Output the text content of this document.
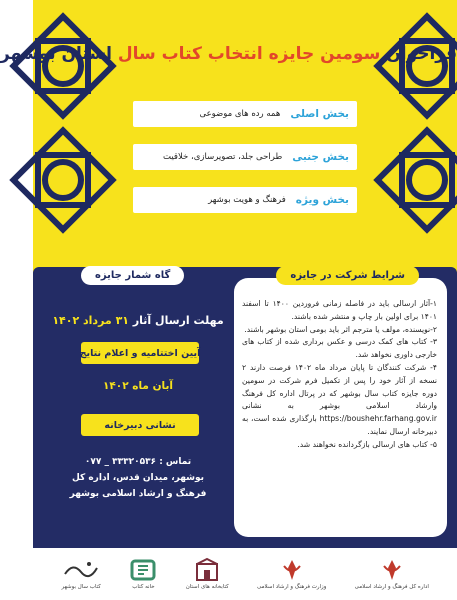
فراخوان سومین جایزه انتخاب کتاب سال استان بوشهر
بخش اصلی
همه رده های موضوعی
بخش جنبی
طراحی جلد، تصویرسازی، خلاقیت
بخش ویژه
فرهنگ و هویت بوشهر
شرایط شرکت در جایزه
۱-آثار ارسالی باید در فاصله زمانی فروردین ۱۴۰۰ تا اسفند ۱۴۰۱ برای اولین بار چاپ و منتشر شده باشند.
۲-نویسنده، مولف یا مترجم اثر باید بومی استان بوشهر باشند.
۳- کتاب های کمک درسی و عکس برداری شده از کتاب های خارجی داوری نخواهد شد.
۴- شرکت کنندگان تا پایان مرداد ماه ۱۴۰۲ فرصت دارند ۲ نسخه از آثار خود را پس از تکمیل فرم شرکت در سومین دوره جایزه کتاب سال بوشهر که در پرتال اداره کل فرهنگ وارشاد اسلامی بوشهر به نشانی https://boushehr.farhang.gov.ir بارگذاری شده است، به دبیرخانه ارسال نمایند.
۵- کتاب های ارسالی بازگردانده نخواهند شد.
گاه شمار جایزه
مهلت ارسال آثار ۳۱ مرداد ۱۴۰۲
آیین اختتامیه و اعلام نتایج
آبان ماه ۱۴۰۲
نشانی دبیرخانه
تماس : ۳۳۳۲۰۵۳۶ _ ۰۷۷
بوشهر، میدان قدس، اداره کل
فرهنگ و ارشاد اسلامی بوشهر
اداره کل فرهنگ و ارشاد اسلامی
وزارت فرهنگ و ارشاد اسلامی
کتابخانه های استان
خانه کتاب
کتاب سال بوشهر
